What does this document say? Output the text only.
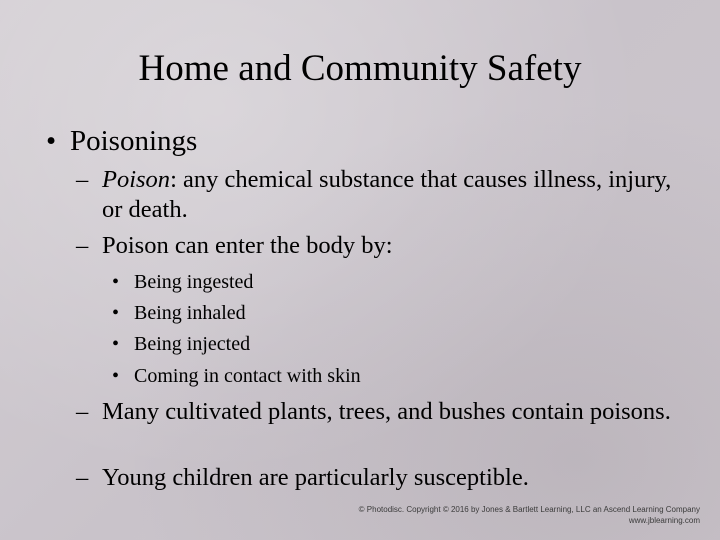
Home and Community Safety
• Poisonings
– Poison: any chemical substance that causes illness, injury, or death.
– Poison can enter the body by:
• Being ingested
• Being inhaled
• Being injected
• Coming in contact with skin
– Many cultivated plants, trees, and bushes contain poisons.
– Young children are particularly susceptible.
© Photodisc. Copyright © 2016 by Jones & Bartlett Learning, LLC an Ascend Learning Company
www.jblearning.com
